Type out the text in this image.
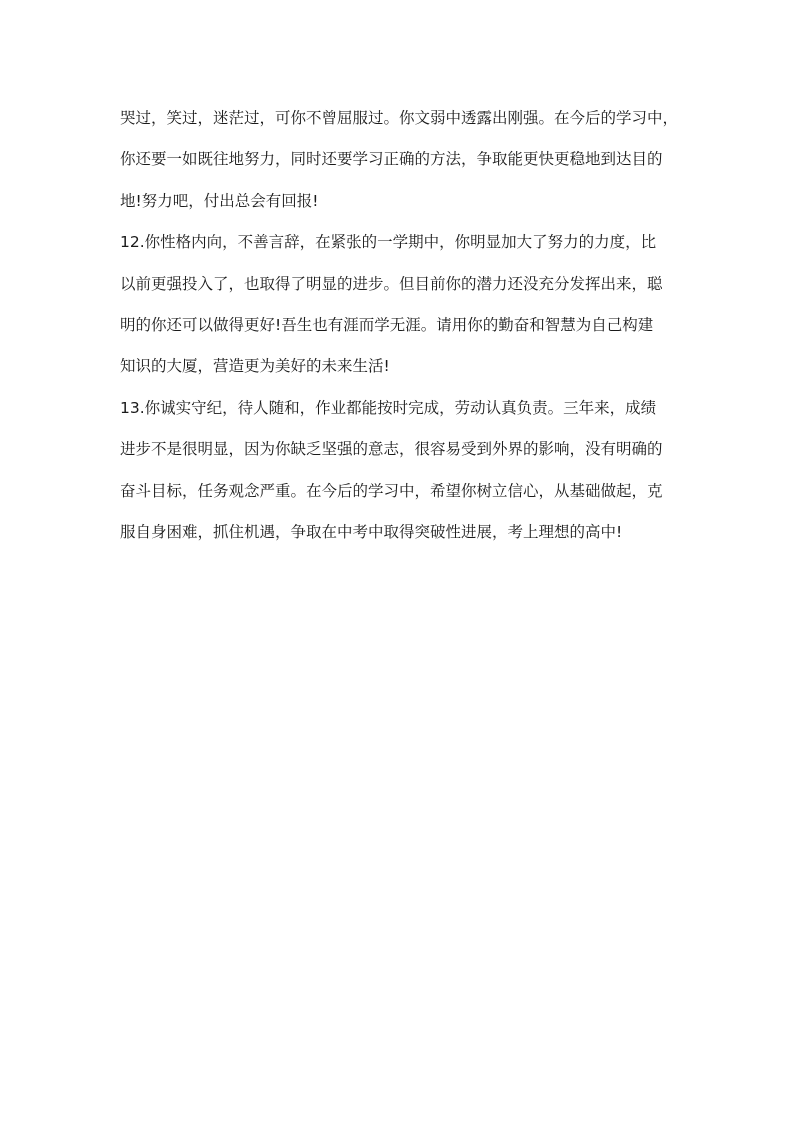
哭过，笑过，迷茫过，可你不曾屈服过。你文弱中透露出刚强。在今后的学习中，
你还要一如既往地努力，同时还要学习正确的方法，争取能更快更稳地到达目的
地!努力吧，付出总会有回报!
12.你性格内向，不善言辞，在紧张的一学期中，你明显加大了努力的力度，比
以前更强投入了，也取得了明显的进步。但目前你的潜力还没充分发挥出来，聪
明的你还可以做得更好!吾生也有涯而学无涯。请用你的勤奋和智慧为自己构建
知识的大厦，营造更为美好的未来生活!
13.你诚实守纪，待人随和，作业都能按时完成，劳动认真负责。三年来，成绩
进步不是很明显，因为你缺乏坚强的意志，很容易受到外界的影响，没有明确的
奋斗目标，任务观念严重。在今后的学习中，希望你树立信心，从基础做起，克
服自身困难，抓住机遇，争取在中考中取得突破性进展，考上理想的高中!
